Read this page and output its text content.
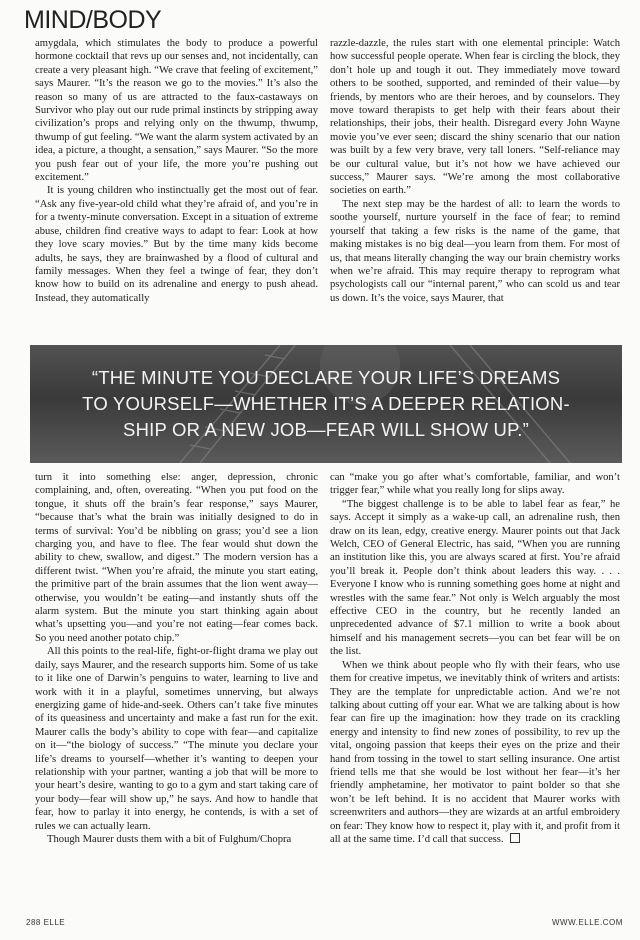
MIND/BODY

amygdala, which stimulates the body to produce a powerful hormone cocktail that revs up our senses and, not incidentally, can create a very pleasant high. “We crave that feeling of excitement,” says Maurer. “It’s the reason we go to the movies.” It’s also the reason so many of us are attracted to the faux-castaways on Survivor who play out our rude primal instincts by stripping away civilization’s props and relying only on the thwump, thwump, thwump of gut feeling. “We want the alarm system activated by an idea, a picture, a thought, a sensation,” says Maurer. “So the more you push fear out of your life, the more you’re pushing out excitement.”

It is young children who instinctually get the most out of fear. “Ask any five-year-old child what they’re afraid of, and you’re in for a twenty-minute conversation. Except in a situation of extreme abuse, children find creative ways to adapt to fear: Look at how they love scary movies.” But by the time many kids become adults, he says, they are brainwashed by a flood of cultural and family messages. When they feel a twinge of fear, they don’t know how to build on its adrenaline and energy to push ahead. Instead, they automatically

razzle-dazzle, the rules start with one elemental principle: Watch how successful people operate. When fear is circling the block, they don’t hole up and tough it out. They immediately move toward others to be soothed, supported, and reminded of their value—by friends, by mentors who are their heroes, and by counselors. They move toward therapists to get help with their fears about their relationships, their jobs, their health. Disregard every John Wayne movie you’ve ever seen; discard the shiny scenario that our nation was built by a few very brave, very tall loners. “Self-reliance may be our cultural value, but it’s not how we have achieved our success,” Maurer says. “We’re among the most collaborative societies on earth.”

The next step may be the hardest of all: to learn the words to soothe yourself, nurture yourself in the face of fear; to remind yourself that taking a few risks is the name of the game, that making mistakes is no big deal—you learn from them. For most of us, that means literally changing the way our brain chemistry works when we’re afraid. This may require therapy to reprogram what psychologists call our “internal parent,” who can scold us and tear us down. It’s the voice, says Maurer, that

“THE MINUTE YOU DECLARE YOUR LIFE’S DREAMS
TO YOURSELF—WHETHER IT’S A DEEPER RELATION-
SHIP OR A NEW JOB—FEAR WILL SHOW UP.”

turn it into something else: anger, depression, chronic complaining, and, often, overeating. “When you put food on the tongue, it shuts off the brain’s fear response,” says Maurer, “because that’s what the brain was initially designed to do in terms of survival: You’d be nibbling on grass; you’d see a lion charging you, and have to flee. The fear would shut down the ability to chew, swallow, and digest.” The modern version has a different twist. “When you’re afraid, the minute you start eating, the primitive part of the brain assumes that the lion went away—otherwise, you wouldn’t be eating—and instantly shuts off the alarm system. But the minute you start thinking again about what’s upsetting you—and you’re not eating—fear comes back. So you need another potato chip.”

All this points to the real-life, fight-or-flight drama we play out daily, says Maurer, and the research supports him. Some of us take to it like one of Darwin’s penguins to water, learning to live and work with it in a playful, sometimes unnerving, but always energizing game of hide-and-seek. Others can’t take five minutes of its queasiness and uncertainty and make a fast run for the exit. Maurer calls the body’s ability to cope with fear—and capitalize on it—“the biology of success.” “The minute you declare your life’s dreams to yourself—whether it’s wanting to deepen your relationship with your partner, wanting a job that will be more to your heart’s desire, wanting to go to a gym and start taking care of your body—fear will show up,” he says. And how to handle that fear, how to parlay it into energy, he contends, is with a set of rules we can actually learn.

Though Maurer dusts them with a bit of Fulghum/Chopra

can “make you go after what’s comfortable, familiar, and won’t trigger fear,” while what you really long for slips away.

“The biggest challenge is to be able to label fear as fear,” he says. Accept it simply as a wake-up call, an adrenaline rush, then draw on its lean, edgy, creative energy. Maurer points out that Jack Welch, CEO of General Electric, has said, “When you are running an institution like this, you are always scared at first. You’re afraid you’ll break it. People don’t think about leaders this way. . . . Everyone I know who is running something goes home at night and wrestles with the same fear.” Not only is Welch arguably the most effective CEO in the country, but he recently landed an unprecedented advance of $7.1 million to write a book about himself and his management secrets—you can bet fear will be on the list.

When we think about people who fly with their fears, who use them for creative impetus, we inevitably think of writers and artists: They are the template for unpredictable action. And we’re not talking about cutting off your ear. What we are talking about is how fear can fire up the imagination: how they trade on its crackling energy and intensity to find new zones of possibility, to rev up the vital, ongoing passion that keeps their eyes on the prize and their hand from tossing in the towel to start selling insurance. One artist friend tells me that she would be lost without her fear—it’s her friendly amphetamine, her motivator to paint bolder so that she won’t be left behind. It is no accident that Maurer works with screenwriters and authors—they are wizards at an artful embroidery on fear: They know how to respect it, play with it, and profit from it all at the same time. I’d call that success.

288 ELLE	WWW.ELLE.COM
